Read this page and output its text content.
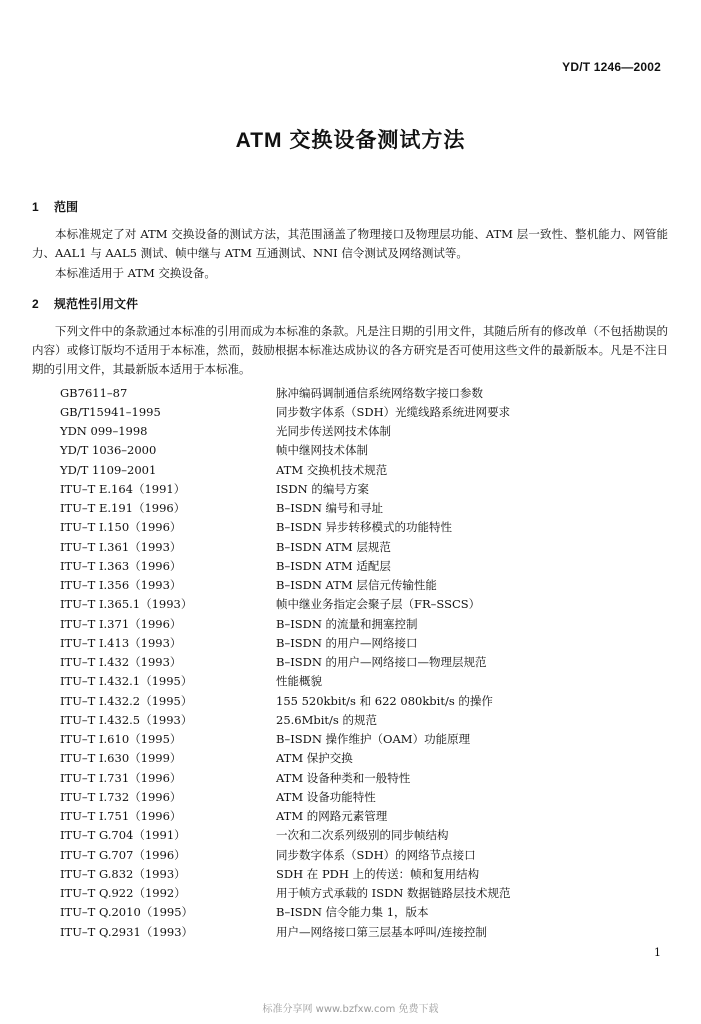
YD/T 1246—2002
ATM 交换设备测试方法
1 范围
本标准规定了对 ATM 交换设备的测试方法，其范围涵盖了物理接口及物理层功能、ATM 层一致性、整机能力、网管能力、AAL1 与 AAL5 测试、帧中继与 ATM 互通测试、NNI 信令测试及网络测试等。
本标准适用于 ATM 交换设备。
2 规范性引用文件
下列文件中的条款通过本标准的引用而成为本标准的条款。凡是注日期的引用文件，其随后所有的修改单（不包括勘误的内容）或修订版均不适用于本标准，然而，鼓励根据本标准达成协议的各方研究是否可使用这些文件的最新版本。凡是不注日期的引用文件，其最新版本适用于本标准。
GB7611–87	脉冲编码调制通信系统网络数字接口参数
GB/T15941–1995	同步数字体系（SDH）光缆线路系统进网要求
YDN 099–1998	光同步传送网技术体制
YD/T 1036–2000	帧中继网技术体制
YD/T 1109–2001	ATM 交换机技术规范
ITU–T E.164（1991）	ISDN 的编号方案
ITU–T E.191（1996）	B–ISDN 编号和寻址
ITU–T I.150（1996）	B–ISDN 异步转移模式的功能特性
ITU–T I.361（1993）	B–ISDN ATM 层规范
ITU–T I.363（1996）	B–ISDN ATM 适配层
ITU–T I.356（1993）	B–ISDN ATM 层信元传输性能
ITU–T I.365.1（1993）	帧中继业务指定会聚子层（FR–SSCS）
ITU–T I.371（1996）	B–ISDN 的流量和拥塞控制
ITU–T I.413（1993）	B–ISDN 的用户—网络接口
ITU–T I.432（1993）	B–ISDN 的用户—网络接口—物理层规范
ITU–T I.432.1（1995）	性能概貌
ITU–T I.432.2（1995）	155 520kbit/s 和 622 080kbit/s 的操作
ITU–T I.432.5（1993）	25.6Mbit/s 的规范
ITU–T I.610（1995）	B–ISDN 操作维护（OAM）功能原理
ITU–T I.630（1999）	ATM 保护交换
ITU–T I.731（1996）	ATM 设备种类和一般特性
ITU–T I.732（1996）	ATM 设备功能特性
ITU–T I.751（1996）	ATM 的网路元素管理
ITU–T G.704（1991）	一次和二次系列级别的同步帧结构
ITU–T G.707（1996）	同步数字体系（SDH）的网络节点接口
ITU–T G.832（1993）	SDH 在 PDH 上的传送：帧和复用结构
ITU–T Q.922（1992）	用于帧方式承载的 ISDN 数据链路层技术规范
ITU–T Q.2010（1995）	B–ISDN 信令能力集 1，版本
ITU–T Q.2931（1993）	用户—网络接口第三层基本呼叫/连接控制
1
标准分享网 www.bzfxw.com 免费下载
